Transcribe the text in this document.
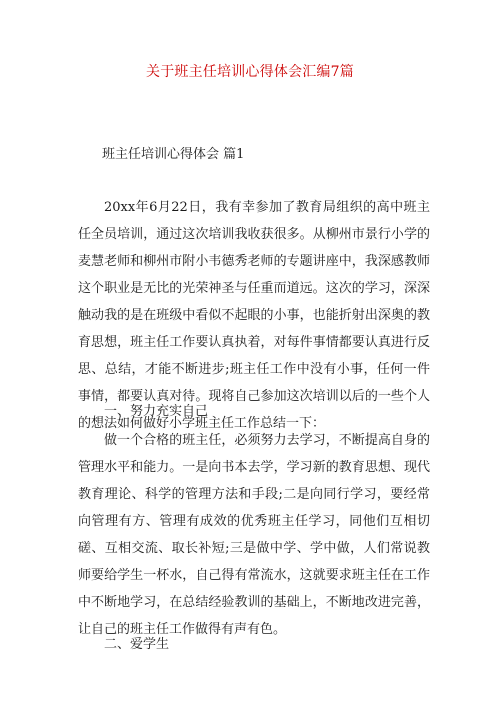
关于班主任培训心得体会汇编7篇
班主任培训心得体会 篇1

20xx年6月22日，我有幸参加了教育局组织的高中班主任全员培训，通过这次培训我收获很多。从柳州市景行小学的麦慧老师和柳州市附小韦德秀老师的专题讲座中，我深感教师这个职业是无比的光荣神圣与任重而道远。这次的学习，深深触动我的是在班级中看似不起眼的小事，也能折射出深奥的教育思想，班主任工作要认真执着，对每件事情都要认真进行反思、总结，才能不断进步;班主任工作中没有小事，任何一件事情，都要认真对待。现将自己参加这次培训以后的一些个人的想法如何做好小学班主任工作总结一下：

一、努力充实自己

做一个合格的班主任，必须努力去学习，不断提高自身的管理水平和能力。一是向书本去学，学习新的教育思想、现代教育理论、科学的管理方法和手段;二是向同行学习，要经常向管理有方、管理有成效的优秀班主任学习，同他们互相切磋、互相交流、取长补短;三是做中学、学中做，人们常说教师要给学生一杯水，自己得有常流水，这就要求班主任在工作中不断地学习，在总结经验教训的基础上，不断地改进完善，让自己的班主任工作做得有声有色。

二、爱学生
